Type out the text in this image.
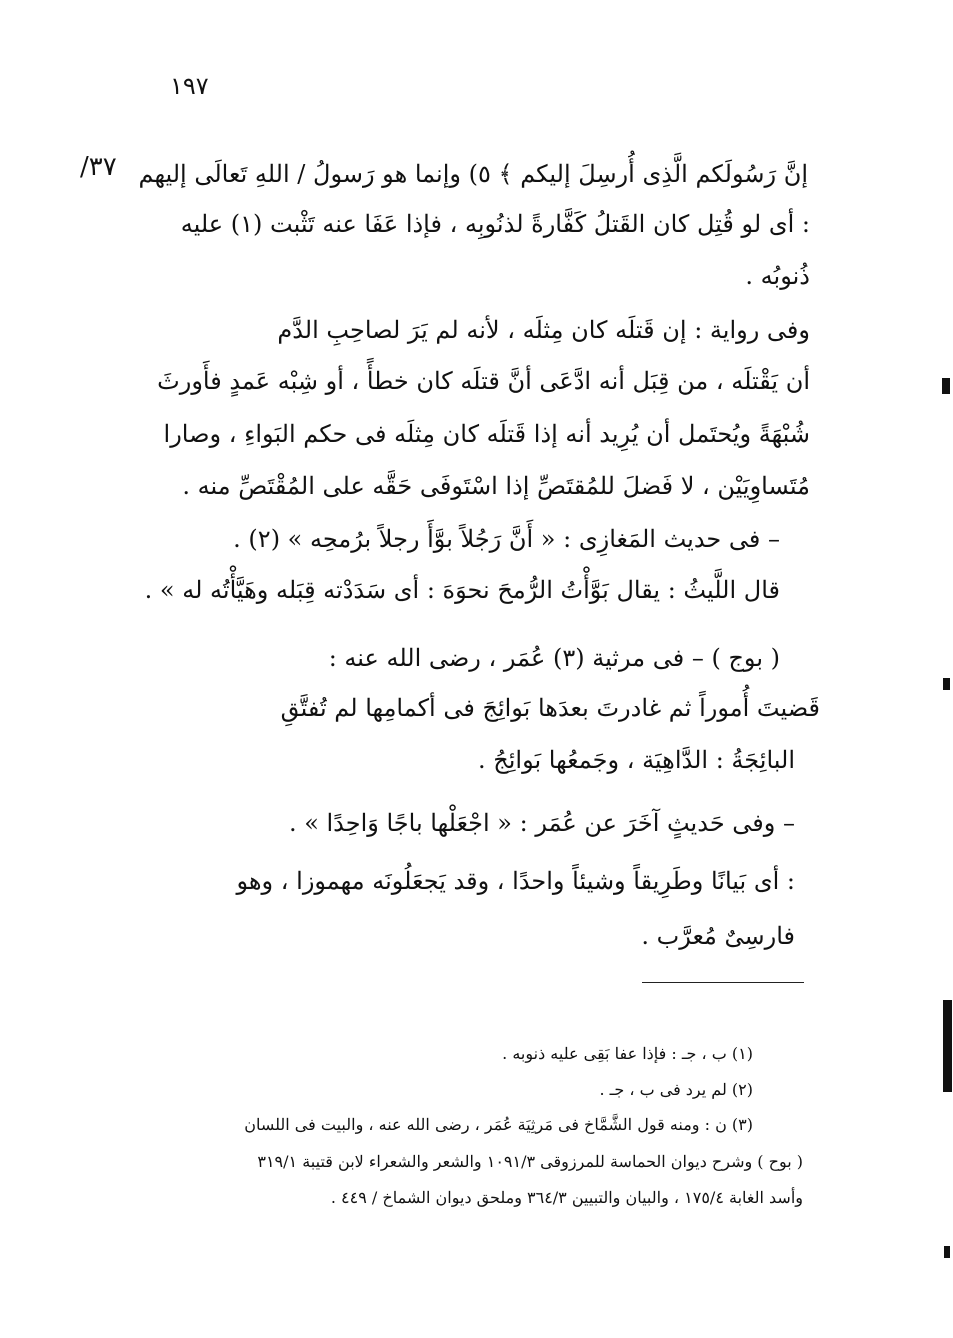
١٩٧
٣٧/ إنَّ رَسُولَكم الَّذِى أُرسِلَ إليكم ﴾ ٥) وإنما هو رَسولُ / اللهِ تَعالَى إليهم
: أى لو قُتِل كان القَتلُ كَفَّارةً لذنُوبِه ، فإذا عَفَا عنه تَثْبت (١) عليه
ذُنوبُه .
وفى رواية : إن قَتلَه كان مِثلَه ، لأنه لم يَرَ لصاحِبِ الدَّم
أن يَقْتلَه ، من قِبَل أنه ادَّعَى أنَّ قتلَه كان خطأً ، أو شِبْه عَمدٍ فأَورثَ
شُبْهَةً ويُحتَمل أن يُرِيد أنه إذا قَتلَه كان مِثلَه فى حكم البَواءِ ، وصارا
مُتَساوِيَيْن ، لا فَضلَ للمُقتَصِّ إذا اسْتَوفَى حَقَّه على المُقْتَصِّ منه .
– فى حديث المَغازِى : « أَنَّ رَجُلاً بوَّأَ رجلاً برُمحِه » (٢) .
قال اللَّيثُ : يقال بَوَّأْتُ الرُّمحَ نحوَهَ : أى سَدَدْته قِبَله وهَيَّأْتُه له » .
( بوج ) – فى مرثية (٣) عُمَر ، رضى الله عنه :
قَضيتَ أُموراً ثم غادرتَ بعدَها بَوائِجَ فى أكمامِها لم تُفتَّقِ
البائِجَةُ : الدَّاهِيَة ، وجَمعُها بَوائِجُ .
– وفى حَديثٍ آخَرَ عن عُمَر : « اجْعَلْها باجًا وَاحِدًا » .
: أى بَيانًا وطَرِيقاً وشيئاً واحدًا ، وقد يَجعَلُونَه مهموزا ، وهو
فارسِىٌ مُعرَّب .
(١) ب ، جـ : فإذا عفا بَقِى عليه ذنوبه .
(٢) لم يرد فى ب ، جـ .
(٣) ن : ومنه قول الشَّمَّاخ فى مَرثِيَة عُمَر ، رضى الله عنه ، والبيت فى اللسان
( بوح ) وشرح ديوان الحماسة للمرزوقى ١٠٩١/٣ والشعر والشعراء لابن قتيبة ٣١٩/١
وأسد الغابة ١٧٥/٤ ، والبيان والتبيين ٣٦٤/٣ وملحق ديوان الشماخ / ٤٤٩ .
